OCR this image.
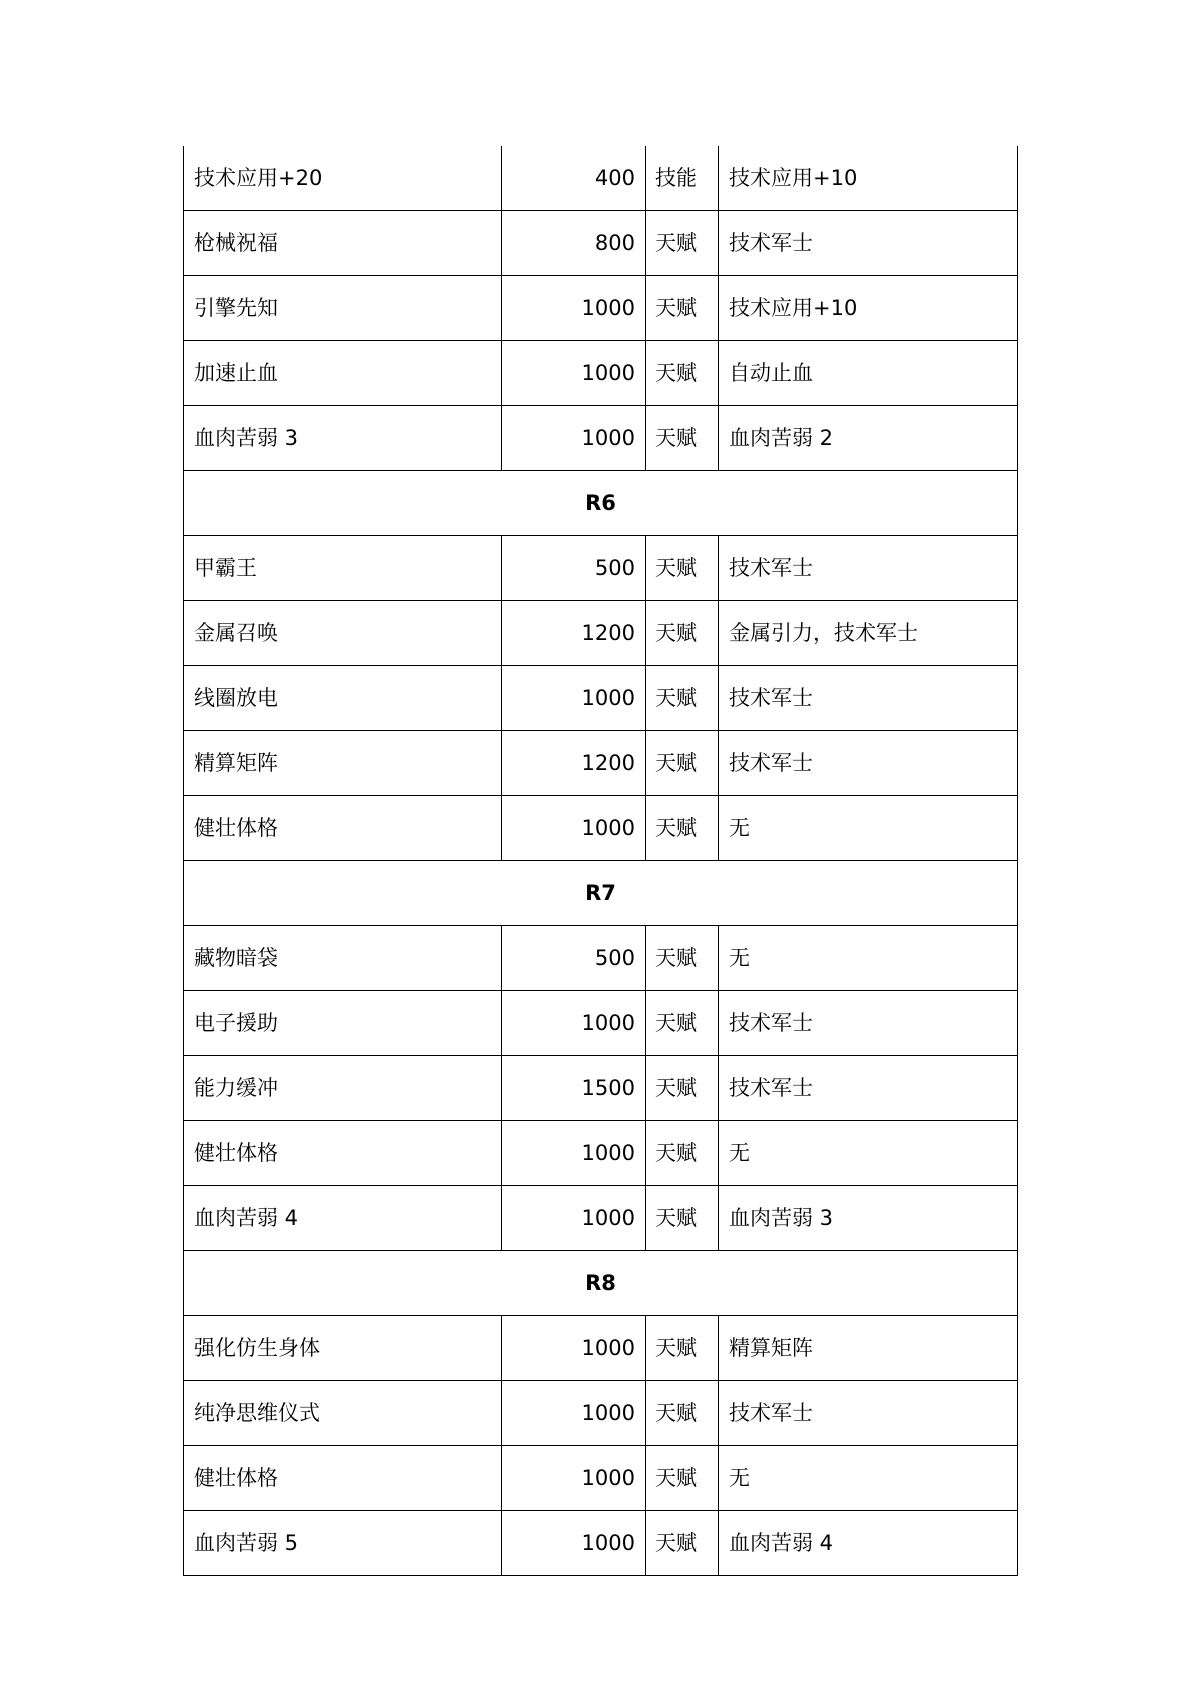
技术应用+20	400	技能	技术应用+10
枪械祝福	800	天赋	技术军士
引擎先知	1000	天赋	技术应用+10
加速止血	1000	天赋	自动止血
血肉苦弱 3	1000	天赋	血肉苦弱 2
R6			
甲霸王	500	天赋	技术军士
金属召唤	1200	天赋	金属引力，技术军士
线圈放电	1000	天赋	技术军士
精算矩阵	1200	天赋	技术军士
健壮体格	1000	天赋	无
R7			
藏物暗袋	500	天赋	无
电子援助	1000	天赋	技术军士
能力缓冲	1500	天赋	技术军士
健壮体格	1000	天赋	无
血肉苦弱 4	1000	天赋	血肉苦弱 3
R8			
强化仿生身体	1000	天赋	精算矩阵
纯净思维仪式	1000	天赋	技术军士
健壮体格	1000	天赋	无
血肉苦弱 5	1000	天赋	血肉苦弱 4
